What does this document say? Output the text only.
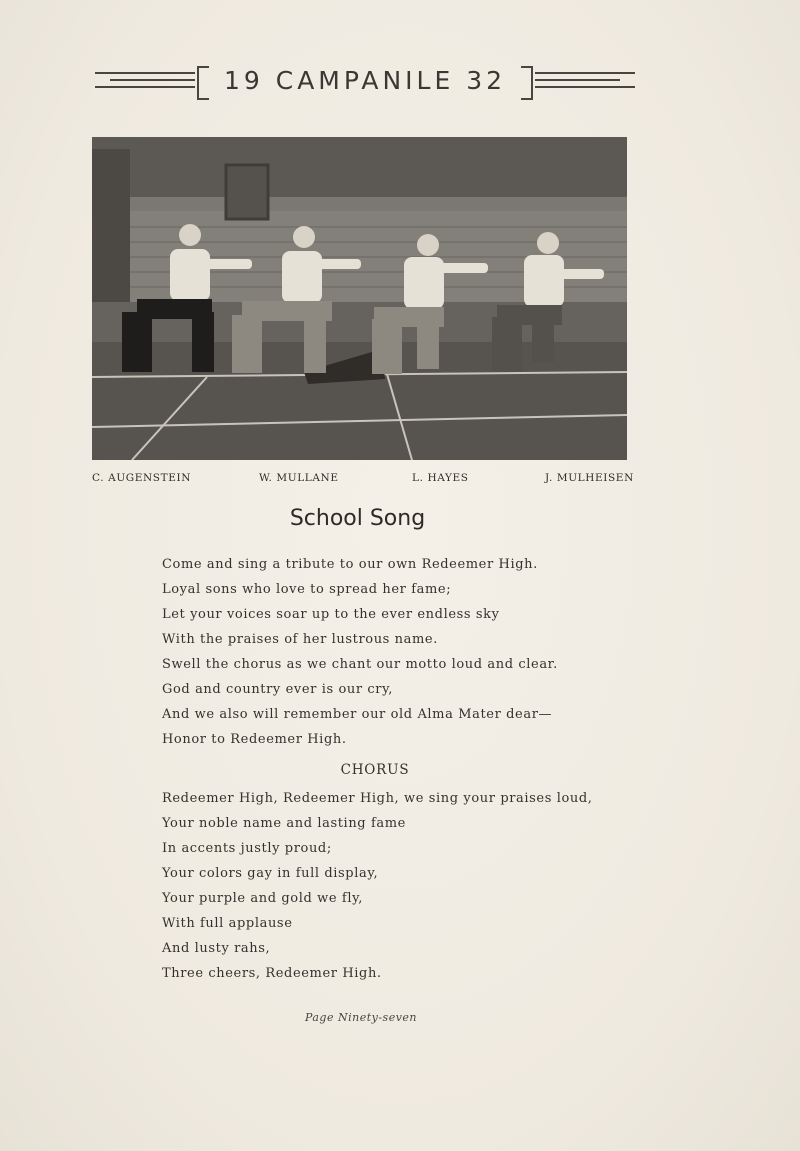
19 CAMPANILE 32
C. AUGENSTEIN	W. MULLANE	L. HAYES	J. MULHEISEN
School Song
Come and sing a tribute to our own Redeemer High.
Loyal sons who love to spread her fame;
Let your voices soar up to the ever endless sky
With the praises of her lustrous name.
Swell the chorus as we chant our motto loud and clear.
God and country ever is our cry,
And we also will remember our old Alma Mater dear—
Honor to Redeemer High.
CHORUS
Redeemer High, Redeemer High, we sing your praises loud,
Your noble name and lasting fame
In accents justly proud;
Your colors gay in full display,
Your purple and gold we fly,
With full applause
And lusty rahs,
Three cheers, Redeemer High.
Page Ninety-seven
